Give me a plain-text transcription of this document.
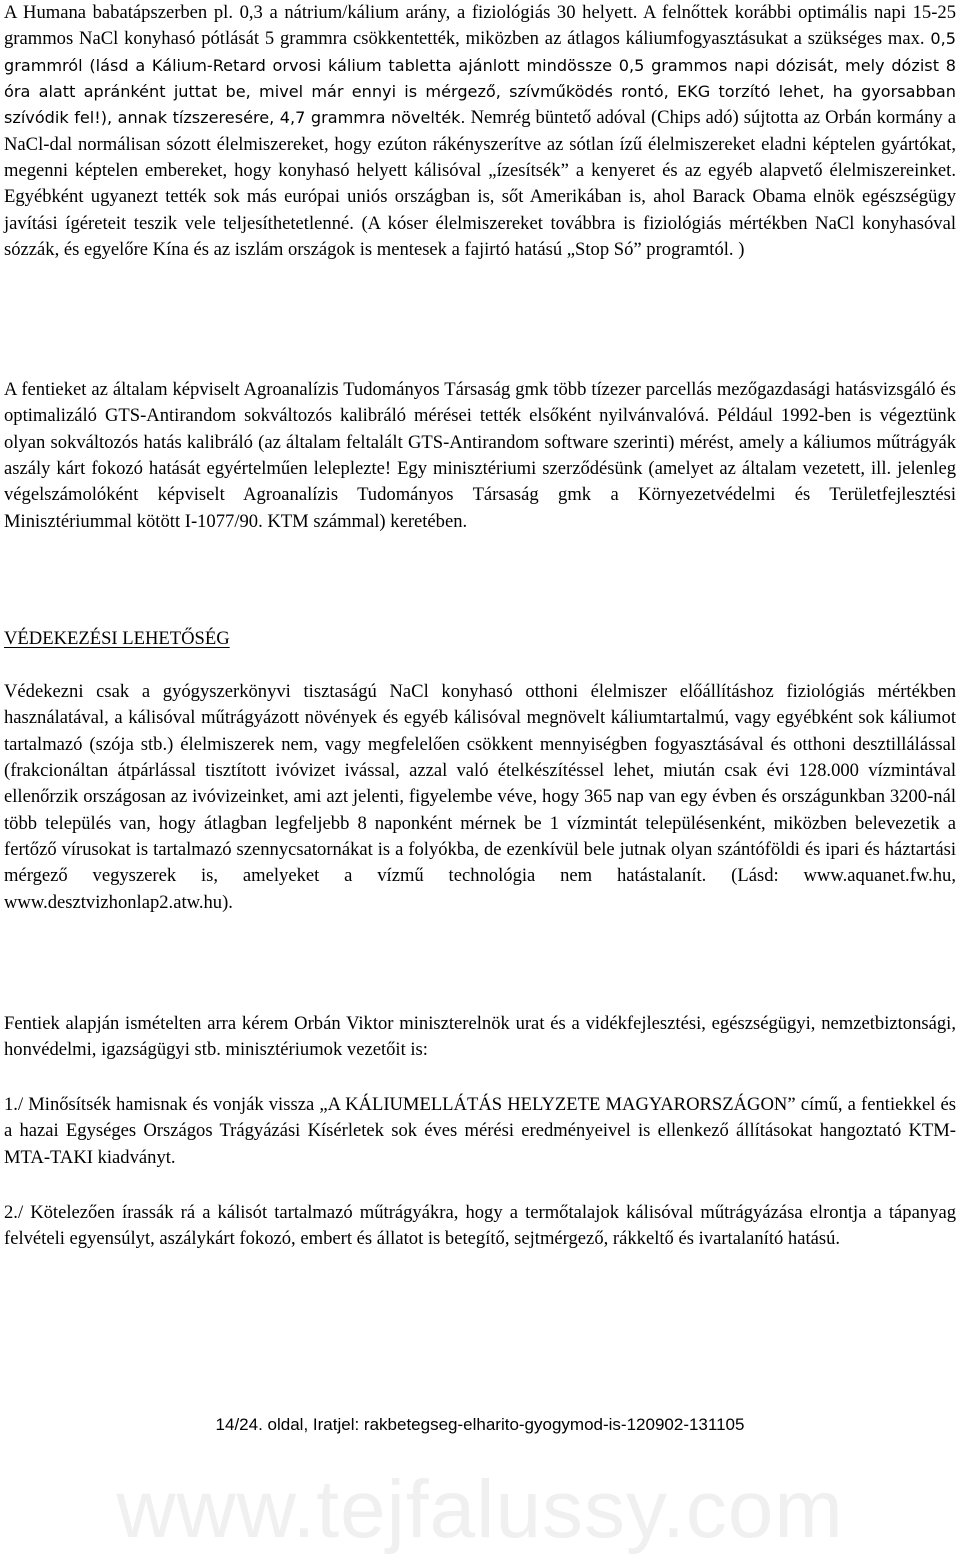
A Humana babatápszerben pl. 0,3 a nátrium/kálium arány, a fiziológiás 30 helyett. A felnőttek korábbi optimális napi 15-25 grammos NaCl konyhasó pótlását 5 grammra csökkentették, miközben az átlagos káliumfogyasztásukat a szükséges max. 0,5 grammról (lásd a Kálium-Retard orvosi kálium tabletta ajánlott mindössze 0,5 grammos napi dózisát, mely dózist 8 óra alatt apránként juttat be, mivel már ennyi is mérgező, szívműködés rontó, EKG torzító lehet, ha gyorsabban szívódik fel!), annak tízszeresére, 4,7 grammra növelték. Nemrég büntető adóval (Chips adó) sújtotta az Orbán kormány a NaCl-dal normálisan sózott élelmiszereket, hogy ezúton rákényszerítve az sótlan ízű élelmiszereket eladni képtelen gyártókat, megenni képtelen embereket, hogy konyhasó helyett kálisóval „ízesítsék” a kenyeret és az egyéb alapvető élelmiszereinket. Egyébként ugyanezt tették sok más európai uniós országban is, sőt Amerikában is, ahol Barack Obama elnök egészségügy javítási ígéreteit teszik vele teljesíthetetlenné. (A kóser élelmiszereket továbbra is fiziológiás mértékben NaCl konyhasóval sózzák, és egyelőre Kína és az iszlám országok is mentesek a fajirtó hatású „Stop Só” programtól. )

A fentieket az általam képviselt Agroanalízis Tudományos Társaság gmk több tízezer parcellás mezőgazdasági hatásvizsgáló és optimalizáló GTS-Antirandom sokváltozós kalibráló mérései tették elsőként nyilvánvalóvá. Például 1992-ben is végeztünk olyan sokváltozós hatás kalibráló (az általam feltalált GTS-Antirandom software szerinti) mérést, amely a káliumos műtrágyák aszály kárt fokozó hatását egyértelműen leleplezte! Egy minisztériumi szerződésünk (amelyet az általam vezetett, ill. jelenleg végelszámolóként képviselt Agroanalízis Tudományos Társaság gmk a Környezetvédelmi és Területfejlesztési Minisztériummal kötött I-1077/90. KTM számmal) keretében.

VÉDEKEZÉSI LEHETŐSÉG

Védekezni csak a gyógyszerkönyvi tisztaságú NaCl konyhasó otthoni élelmiszer előállításhoz fiziológiás mértékben használatával, a kálisóval műtrágyázott növények és egyéb kálisóval megnövelt káliumtartalmú, vagy egyébként sok káliumot tartalmazó (szója stb.) élelmiszerek nem, vagy megfelelően csökkent mennyiségben fogyasztásával és otthoni desztillálással (frakcionáltan átpárlással tisztított ivóvizet ivással, azzal való ételkészítéssel lehet, miután csak évi 128.000 vízmintával ellenőrzik országosan az ivóvizeinket, ami azt jelenti, figyelembe véve, hogy 365 nap van egy évben és országunkban 3200-nál több település van, hogy átlagban legfeljebb 8 naponként mérnek be 1 vízmintát településenként, miközben belevezetik a fertőző vírusokat is tartalmazó szennycsatornákat is a folyókba, de ezenkívül bele jutnak olyan szántóföldi és ipari és háztartási mérgező vegyszerek is, amelyeket a vízmű technológia nem hatástalanít. (Lásd: www.aquanet.fw.hu, www.desztvizhonlap2.atw.hu).

Fentiek alapján ismételten arra kérem Orbán Viktor miniszterelnök urat és a vidékfejlesztési, egészségügyi, nemzetbiztonsági, honvédelmi, igazságügyi stb. minisztériumok vezetőit is:

1./ Minősítsék hamisnak és vonják vissza „A KÁLIUMELLÁTÁS HELYZETE MAGYARORSZÁGON” című, a fentiekkel és a hazai Egységes Országos Trágyázási Kísérletek sok éves mérési eredményeivel is ellenkező állításokat hangoztató KTM-MTA-TAKI kiadványt.

2./ Kötelezően írassák rá a kálisót tartalmazó műtrágyákra, hogy a termőtalajok kálisóval műtrágyázása elrontja a tápanyag felvételi egyensúlyt, aszálykárt fokozó, embert és állatot is betegítő, sejtmérgező, rákkeltő és ivartalanító hatású.

14/24. oldal, Iratjel: rakbetegseg-elharito-gyogymod-is-120902-131105
www.tejfalussy.com
